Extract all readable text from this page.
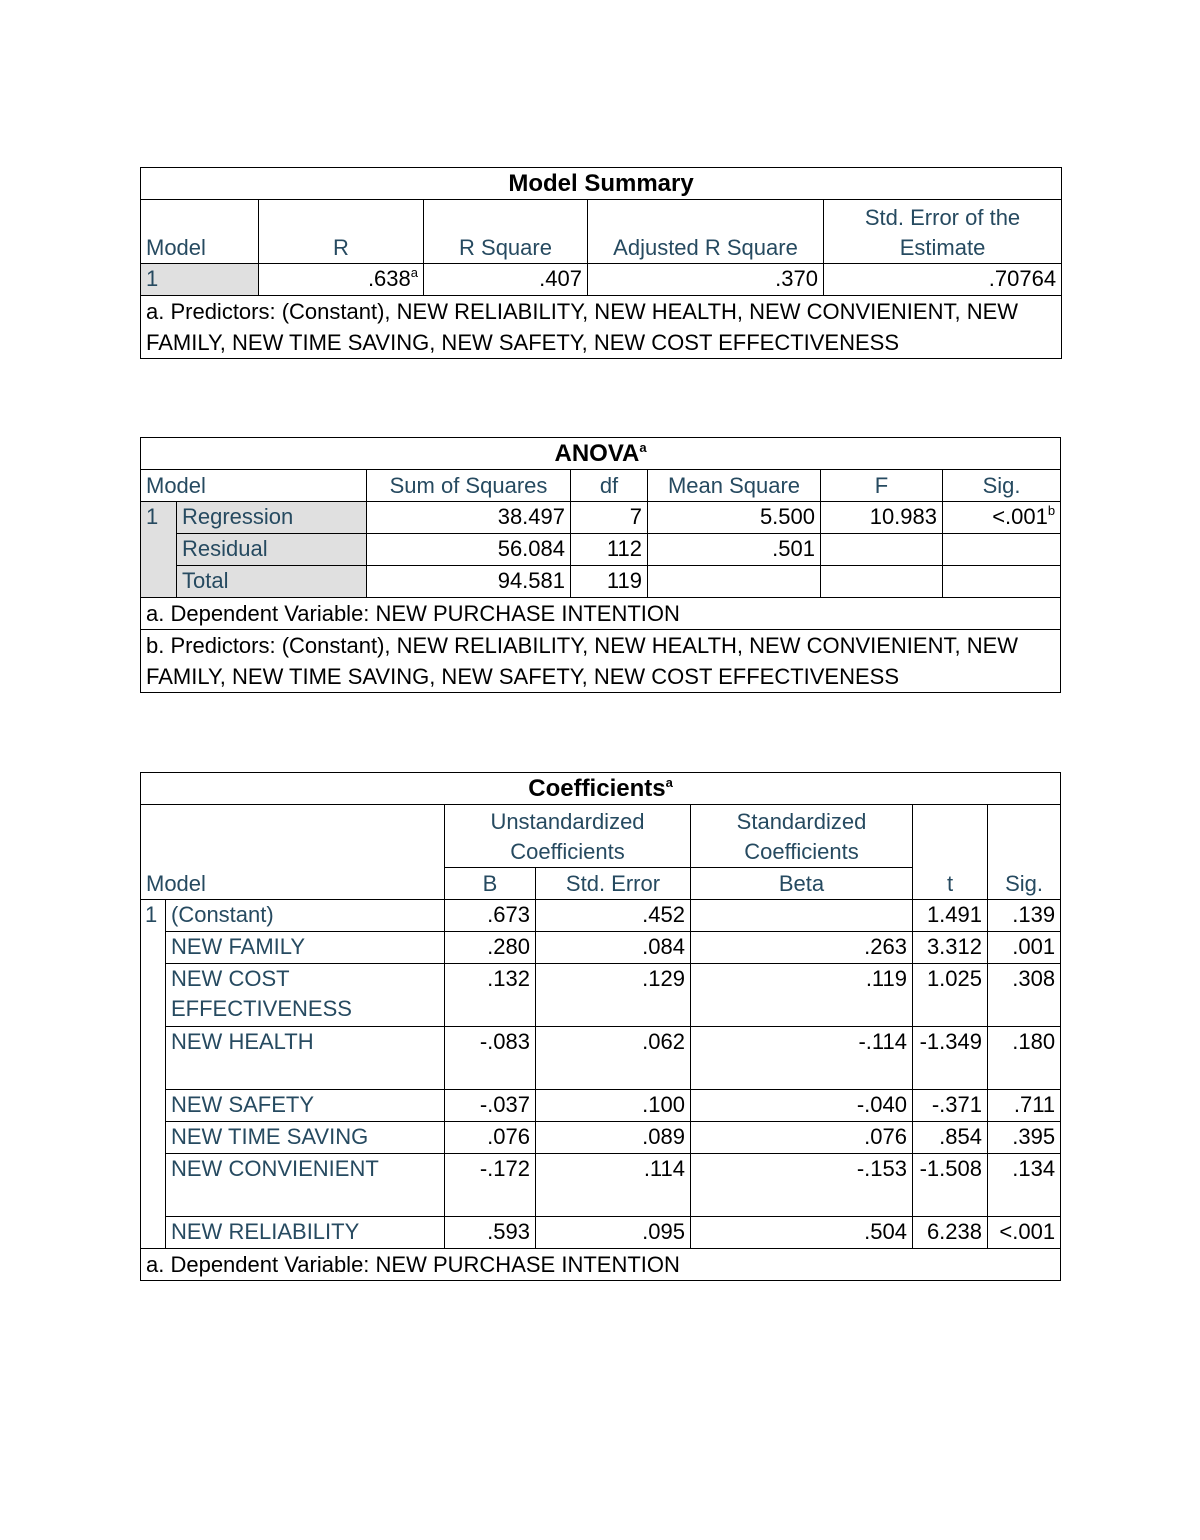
Model Summary				
Model	R	R Square	Adjusted R Square	Std. Error of the Estimate
1	.638$^a$	.407	.370	.70764
a. Predictors: (Constant), NEW RELIABILITY, NEW HEALTH, NEW CONVIENIENT, NEW FAMILY, NEW TIME SAVING, NEW SAFETY, NEW COST EFFECTIVENESS				
ANOVA$^a$
Model		Sum of Squares	df	Mean Square	F	Sig.
1	Regression	38.497	7	5.500	10.983	<.001$^b$
	Residual	56.084	112	.501		
	Total	94.581	119			
a. Dependent Variable: NEW PURCHASE INTENTION						
b. Predictors: (Constant), NEW RELIABILITY, NEW HEALTH, NEW CONVIENIENT, NEW FAMILY, NEW TIME SAVING, NEW SAFETY, NEW COST EFFECTIVENESS						
Coefficients$^a$
Model		Unstandardized Coefficients		Standardized Coefficients	t	Sig.
		B	Std. Error	Beta		
1	(Constant)	.673	.452		1.491	.139
	NEW FAMILY	.280	.084	.263	3.312	.001
	NEW COST EFFECTIVENESS	.132	.129	.119	1.025	.308
	NEW HEALTH	-.083	.062	-.114	-1.349	.180
	NEW SAFETY	-.037	.100	-.040	-.371	.711
	NEW TIME SAVING	.076	.089	.076	.854	.395
	NEW CONVIENIENT	-.172	.114	-.153	-1.508	.134
	NEW RELIABILITY	.593	.095	.504	6.238	<.001
a. Dependent Variable: NEW PURCHASE INTENTION						
